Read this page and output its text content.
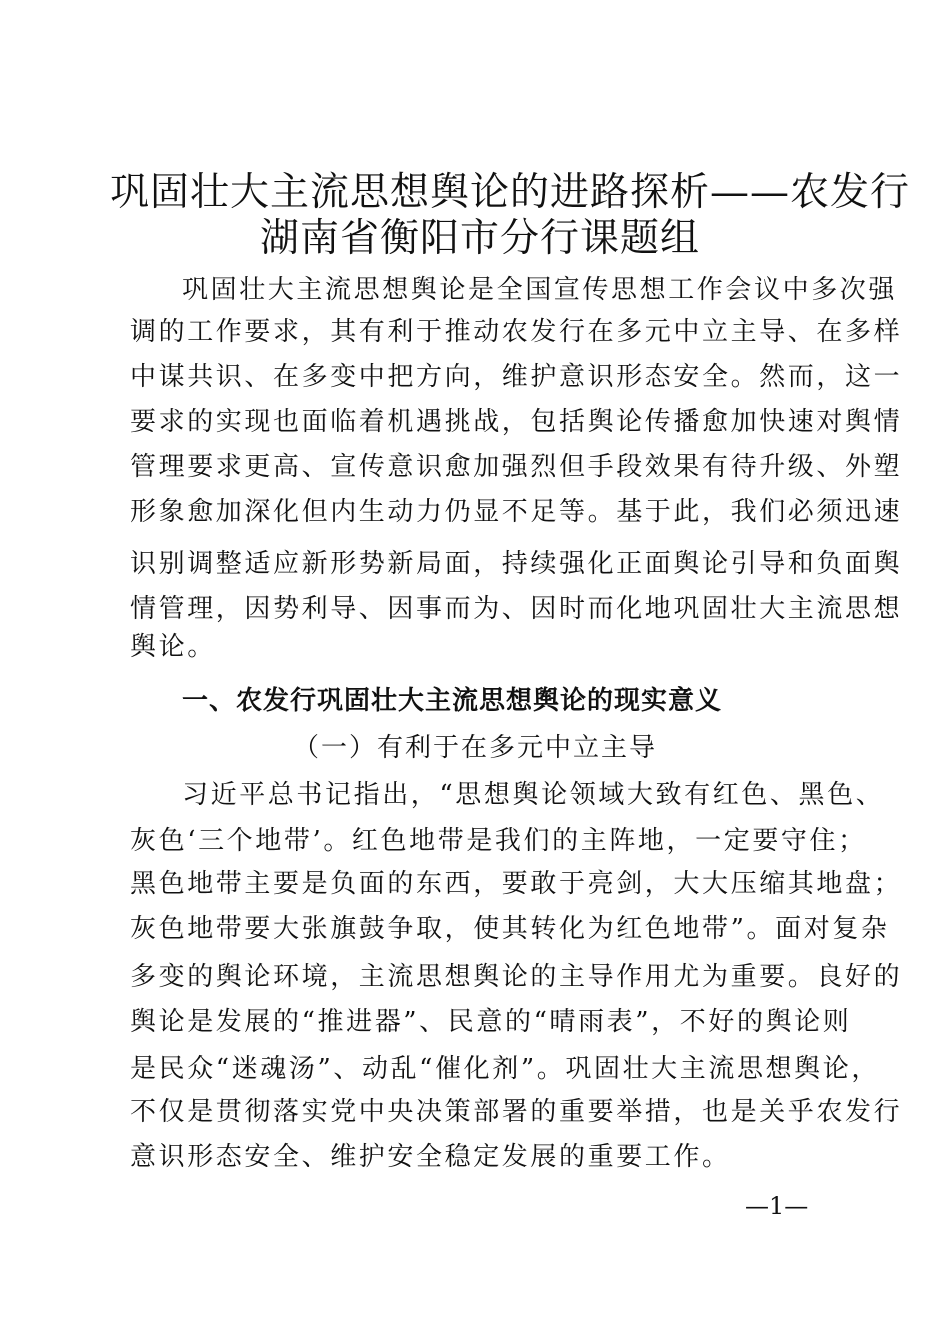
巩固壮大主流思想舆论的进路探析——农发行
湖南省衡阳市分行课题组
巩固壮大主流思想舆论是全国宣传思想工作会议中多次强
调的工作要求，其有利于推动农发行在多元中立主导、在多样
中谋共识、在多变中把方向，维护意识形态安全。然而，这一
要求的实现也面临着机遇挑战，包括舆论传播愈加快速对舆情
管理要求更高、宣传意识愈加强烈但手段效果有待升级、外塑
形象愈加深化但内生动力仍显不足等。基于此，我们必须迅速
识别调整适应新形势新局面，持续强化正面舆论引导和负面舆
情管理，因势利导、因事而为、因时而化地巩固壮大主流思想
舆论。
一、农发行巩固壮大主流思想舆论的现实意义
（一）有利于在多元中立主导
习近平总书记指出，“思想舆论领域大致有红色、黑色、
灰色‘三个地带’。红色地带是我们的主阵地，一定要守住；
黑色地带主要是负面的东西，要敢于亮剑，大大压缩其地盘；
灰色地带要大张旗鼓争取，使其转化为红色地带”。面对复杂
多变的舆论环境，主流思想舆论的主导作用尤为重要。良好的
舆论是发展的“推进器”、民意的“晴雨表”，不好的舆论则
是民众“迷魂汤”、动乱“催化剂”。巩固壮大主流思想舆论，
不仅是贯彻落实党中央决策部署的重要举措，也是关乎农发行
意识形态安全、维护安全稳定发展的重要工作。
—1—
